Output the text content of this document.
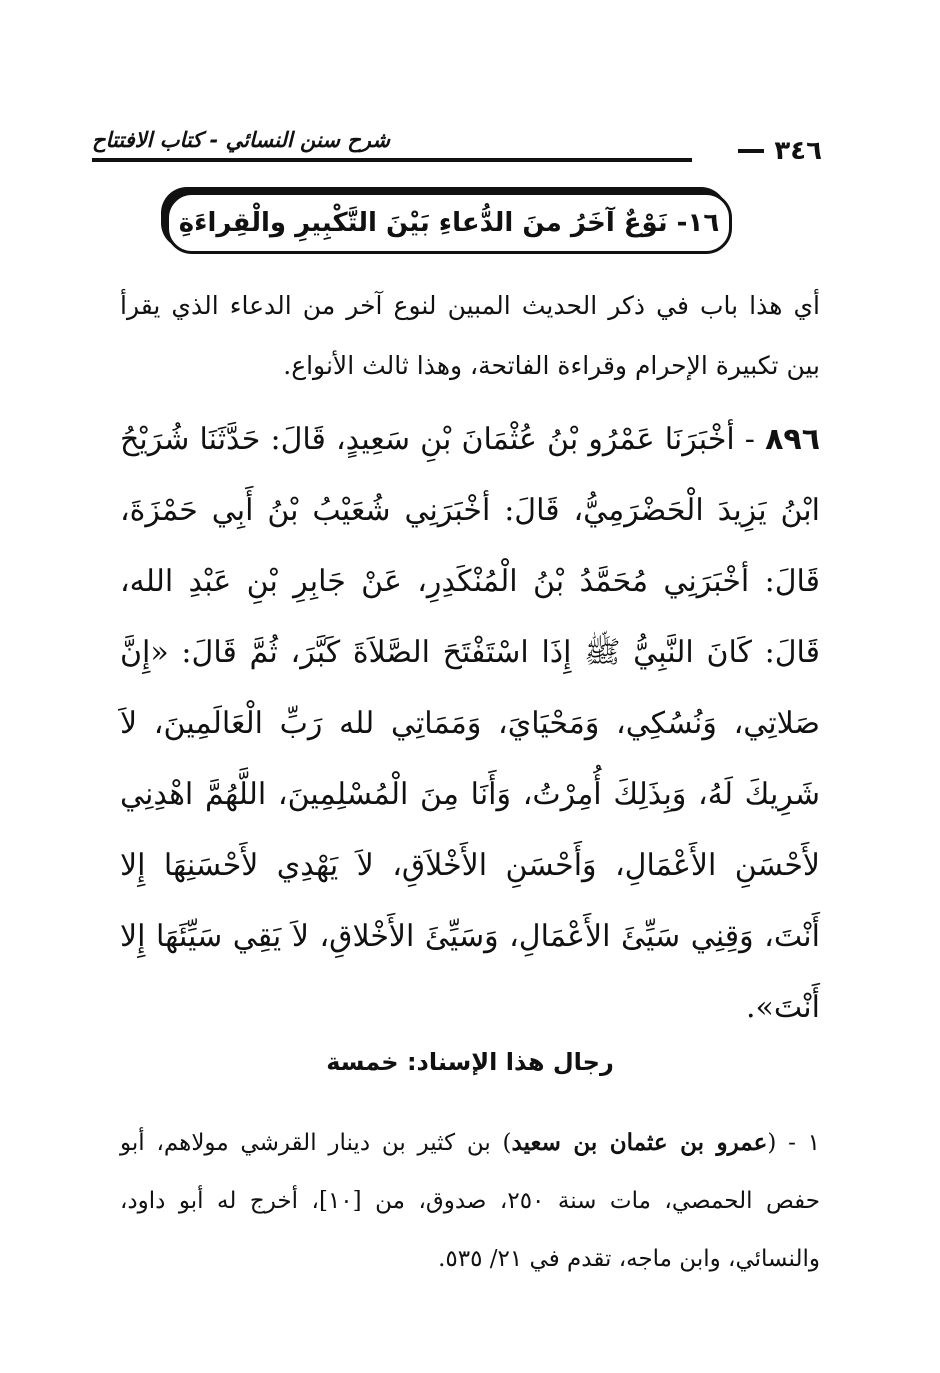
٣٤٦
شرح سنن النسائي - كتاب الافتتاح
١٦- نَوْعٌ آخَرُ منَ الدُّعاءِ بَيْنَ التَّكْبِيرِ والْقِراءَةِ

أي هذا باب في ذكر الحديث المبين لنوع آخر من الدعاء الذي يقرأ بين تكبيرة الإحرام وقراءة الفاتحة، وهذا ثالث الأنواع.

٨٩٦ - أخْبَرَنَا عَمْرُو بْنُ عُثْمَانَ بْنِ سَعِيدٍ، قَالَ: حَدَّثَنَا شُرَيْحُ ابْنُ يَزِيدَ الْحَضْرَمِيُّ، قَالَ: أخْبَرَنِي شُعَيْبُ بْنُ أَبِي حَمْزَةَ، قَالَ: أخْبَرَنِي مُحَمَّدُ بْنُ الْمُنْكَدِرِ، عَنْ جَابِرِ بْنِ عَبْدِ الله، قَالَ: كَانَ النَّبِيُّ ﷺ إِذَا اسْتَفْتَحَ الصَّلاَةَ كَبَّرَ، ثُمَّ قَالَ: «إِنَّ صَلاتِي، وَنُسُكِي، وَمَحْيَايَ، وَمَمَاتِي لله رَبِّ الْعَالَمِينَ، لاَ شَرِيكَ لَهُ، وَبِذَلِكَ أُمِرْتُ، وَأَنَا مِنَ الْمُسْلِمِينَ، اللَّهُمَّ اهْدِنِي لأَحْسَنِ الأَعْمَالِ، وَأَحْسَنِ الأَخْلاَقِ، لاَ يَهْدِي لأَحْسَنِهَا إِلا أَنْتَ، وَقِنِي سَيِّئَ الأَعْمَالِ، وَسَيِّئَ الأَخْلاقِ، لاَ يَقِي سَيِّئَهَا إِلا أَنْتَ».

رجال هذا الإسناد: خمسة

١ - (عمرو بن عثمان بن سعيد) بن كثير بن دينار القرشي مولاهم، أبو حفص الحمصي، مات سنة ٢٥٠، صدوق، من [١٠]، أخرج له أبو داود، والنسائي، وابن ماجه، تقدم في ٢١/ ٥٣٥.
